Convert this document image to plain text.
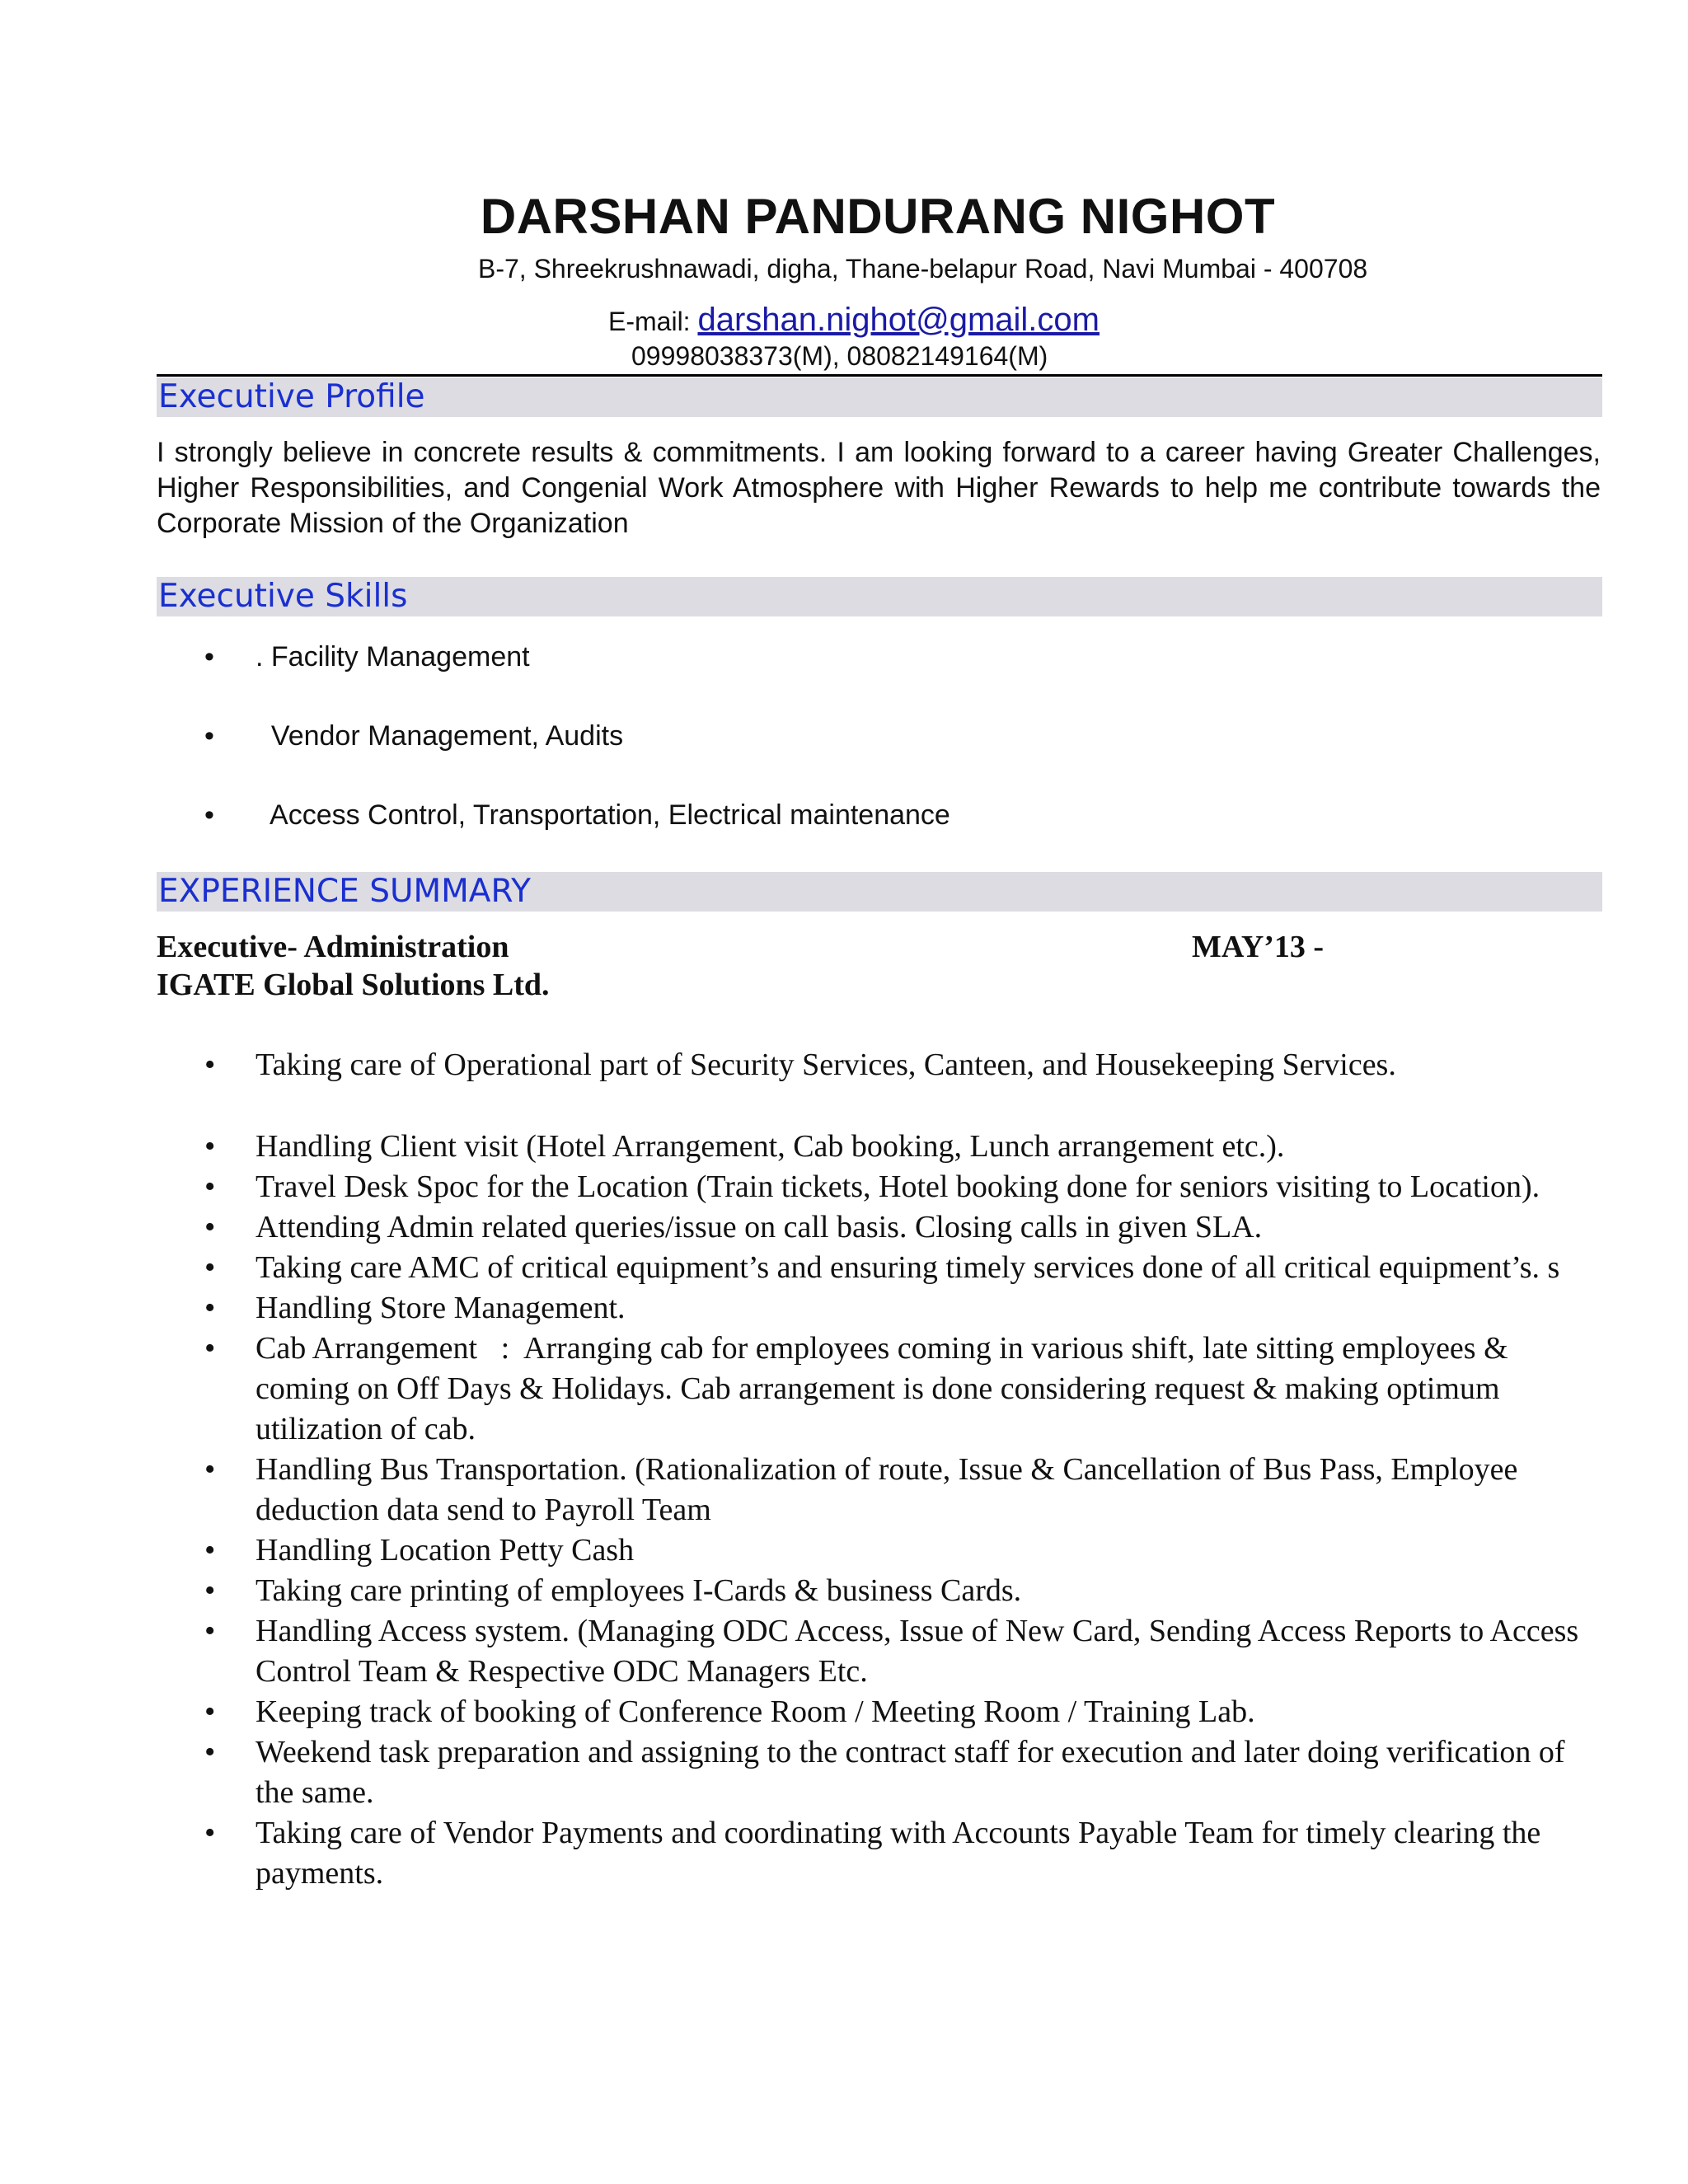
DARSHAN PANDURANG NIGHOT
B-7, Shreekrushnawadi, digha, Thane-belapur Road, Navi Mumbai - 400708
E-mail: darshan.nighot@gmail.com
09998038373(M), 08082149164(M)
Executive Profile
I strongly believe in concrete results & commitments. I am looking forward to a career having Greater Challenges, Higher Responsibilities, and Congenial Work Atmosphere with Higher Rewards to help me contribute towards the Corporate Mission of the Organization
Executive Skills
• . Facility Management
• Vendor Management, Audits
• Access Control, Transportation, Electrical maintenance
EXPERIENCE SUMMARY
Executive- Administration	MAY’13 -
IGATE Global Solutions Ltd.
• Taking care of Operational part of Security Services, Canteen, and Housekeeping Services.
• Handling Client visit (Hotel Arrangement, Cab booking, Lunch arrangement etc.).
• Travel Desk Spoc for the Location (Train tickets, Hotel booking done for seniors visiting to Location).
• Attending Admin related queries/issue on call basis. Closing calls in given SLA.
• Taking care AMC of critical equipment’s and ensuring timely services done of all critical equipment’s. s
• Handling Store Management.
• Cab Arrangement   :  Arranging cab for employees coming in various shift, late sitting employees & coming on Off Days & Holidays. Cab arrangement is done considering request & making optimum utilization of cab.
• Handling Bus Transportation. (Rationalization of route, Issue & Cancellation of Bus Pass, Employee deduction data send to Payroll Team
• Handling Location Petty Cash
• Taking care printing of employees I-Cards & business Cards.
• Handling Access system. (Managing ODC Access, Issue of New Card, Sending Access Reports to Access Control Team & Respective ODC Managers Etc.
• Keeping track of booking of Conference Room / Meeting Room / Training Lab.
• Weekend task preparation and assigning to the contract staff for execution and later doing verification of the same.
• Taking care of Vendor Payments and coordinating with Accounts Payable Team for timely clearing the payments.
